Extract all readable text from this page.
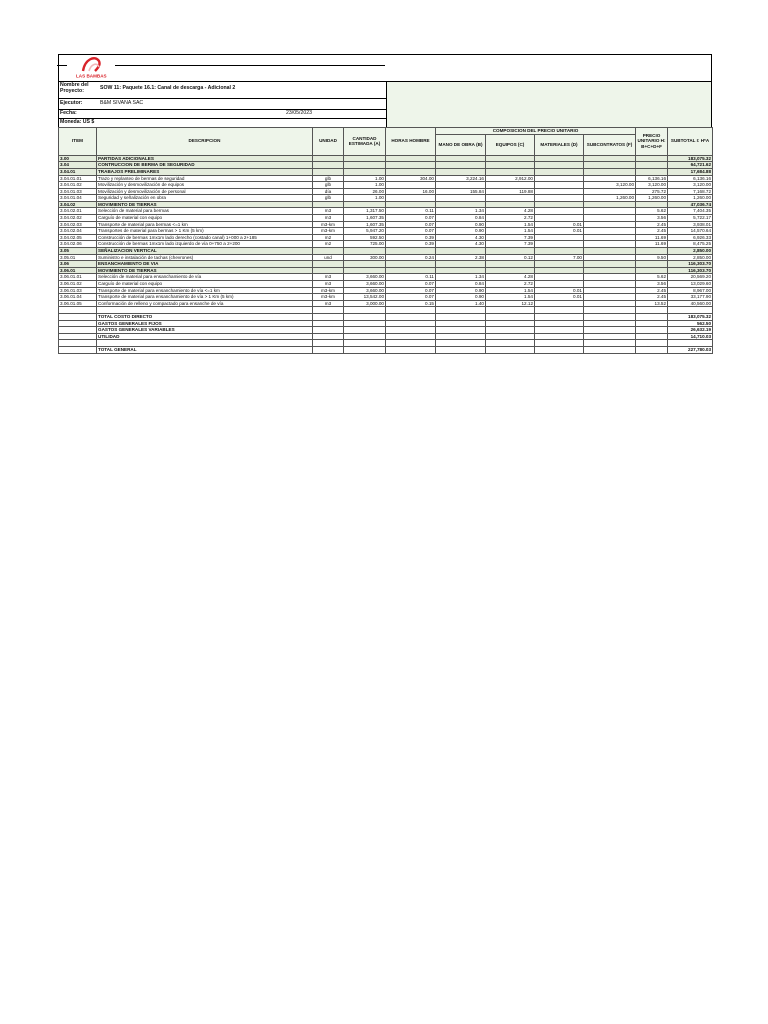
LAS BAMBAS
Nombre del Proyecto:	SOW 11: Paquete 16.1: Canal de descarga - Adicional 2
Ejecutor:	B&M SIVANA SAC
Fecha:	23/05/2023
Moneda: US $
ITEM	DESCRIPCION	UNIDAD	CANTIDAD ESTIMADA (A)	HORAS HOMBRE	COMPOSICION DEL PRECIO UNITARIO				PRECIO UNITARIO H: B+C+D+F	SUBTOTAL I: H*A
					MANO DE OBRA (B)	EQUIPOS (C)	MATERIALES (D)	SUBCONTRATOS (F)		
3.00	PARTIDAS ADICIONALES									183,075.32
3.04	CONTRUCCION DE BERMA DE SEGURIDAD									64,721.62
3.04.01	TRABAJOS PRELIMINARES									17,684.88
3.04.01.01	Trazo y replanteo de bermas de seguridad	glb	1.00	304.00	3,224.16	2,912.00			6,136.16	6,136.16
3.04.01.02	Movilización y desmovilización de equipos	glb	1.00					3,120.00	3,120.00	3,120.00
3.04.01.03	Movilización y desmovilización de personal	día	26.00	16.00	155.84	119.88			275.72	7,168.72
3.04.01.04	Seguridad y señalización en obra	glb	1.00					1,260.00	1,260.00	1,260.00
3.04.02	MOVIMIENTO DE TIERRAS									47,036.74
3.04.02.01	Selección de material para bermas	m3	1,317.50	0.11	1.34	4.28			5.62	7,404.35
3.04.02.02	Carguío de material con equipo	m3	1,607.35	0.07	0.84	2.72			3.56	5,722.17
3.04.02.03	Transporte de material para bermas <=1 km	m3-km	1,607.35	0.07	0.90	1.54	0.01		2.45	3,938.01
3.04.02.04	Transportes de material para bermas > 1 Km (5 km)	m3-km	5,947.20	0.07	0.90	1.54	0.01		2.45	14,570.64
3.04.02.05	Construcción de bermas 1mx1m lado derecho (costado canal) 1+000 a 2+185	m2	592.50	0.39	4.30	7.39			11.69	6,926.33
3.04.02.06	Construcción de bermas 1mx1m lado izquierdo de vía 0+750 a 2+200	m2	725.00	0.39	4.30	7.39			11.69	8,475.25
3.05	SEÑALIZACION VERTICAL									2,850.00
3.05.01	Suministro e instalación de tachas (chevrones)	und	300.00	0.24	2.38	0.12	7.00		9.50	2,850.00
3.06	ENSANCHAMIENTO DE VIA									116,303.70
3.06.01	MOVIMIENTO DE TIERRAS									116,303.70
3.06.01.01	Selección de material para ensanchamiento de vía	m3	3,660.00	0.11	1.34	4.28			5.62	20,569.20
3.06.01.02	Carguío de material con equipo	m3	3,660.00	0.07	0.84	2.72			3.56	13,029.60
3.06.01.03	Transporte de material para ensanchamiento de vía <=1 km	m3-km	3,660.00	0.07	0.90	1.54	0.01		2.45	8,967.00
3.06.01.04	Transporte de material para ensanchamiento de vía > 1 Km (5 km)	m3-km	13,542.00	0.07	0.90	1.54	0.01		2.45	33,177.90
3.06.01.05	Conformación de relleno y compactado para ensanche de vía	m3	3,000.00	0.15	1.40	12.12			13.52	40,560.00

	TOTAL COSTO DIRECTO									183,075.32
	GASTOS GENERALES FIJOS									562.50
	GASTOS GENERALES VARIABLES									26,632.19
	UTILIDAD									14,710.03

	TOTAL GENERAL									227,780.03
